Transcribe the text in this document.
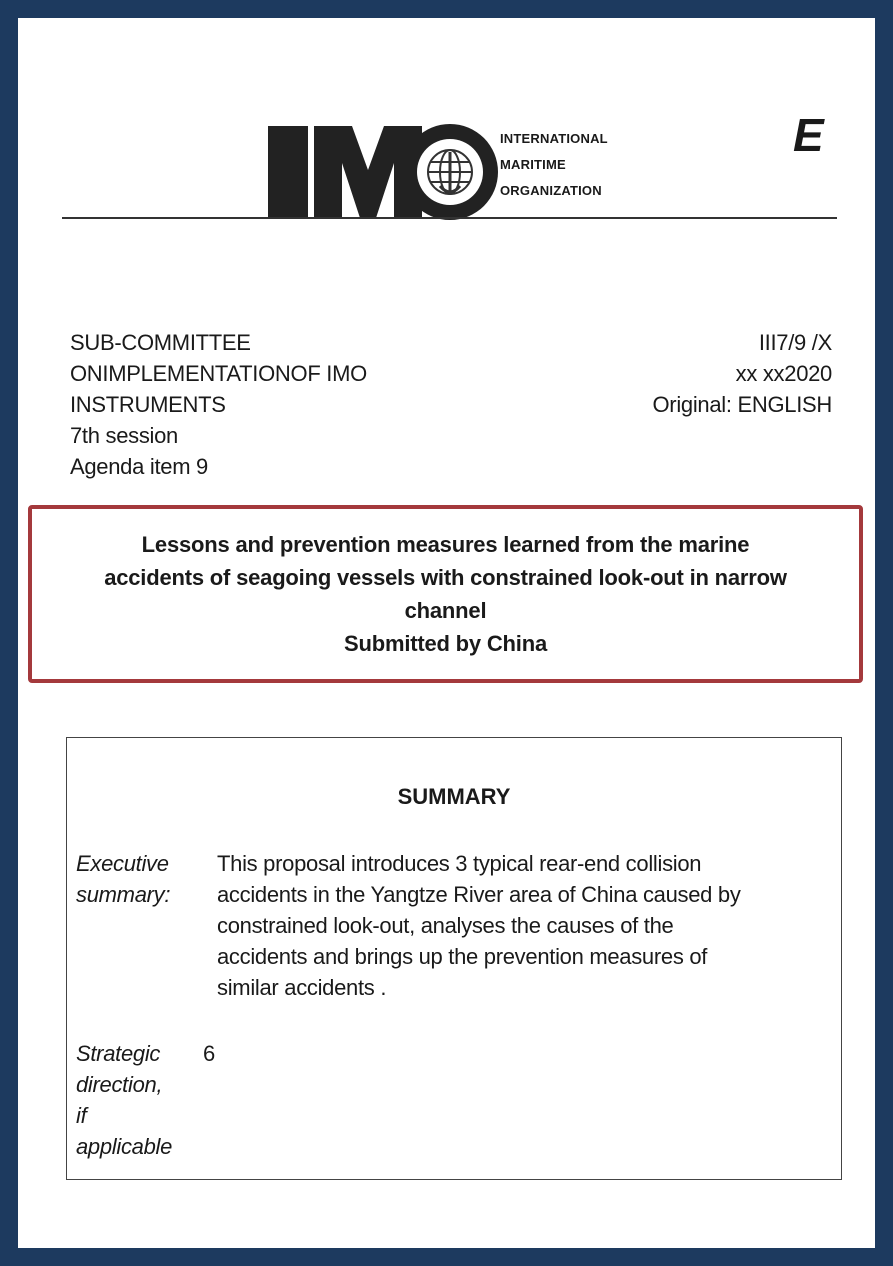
INTERNATIONAL
MARITIME
ORGANIZATION
E
SUB-COMMITTEE
ONIMPLEMENTATIONOF IMO
INSTRUMENTS
7th session
Agenda item 9
III7/9 /X
xx xx2020
Original: ENGLISH
Lessons and prevention measures learned from the marine
accidents of seagoing vessels with constrained look-out in narrow
channel
Submitted by China
SUMMARY
Executive
summary:
This proposal introduces 3 typical rear-end collision
accidents in the Yangtze River area of China caused by
constrained look-out, analyses the causes of the
accidents and brings up the prevention measures of
similar accidents .
Strategic
direction,
if
applicable
6
